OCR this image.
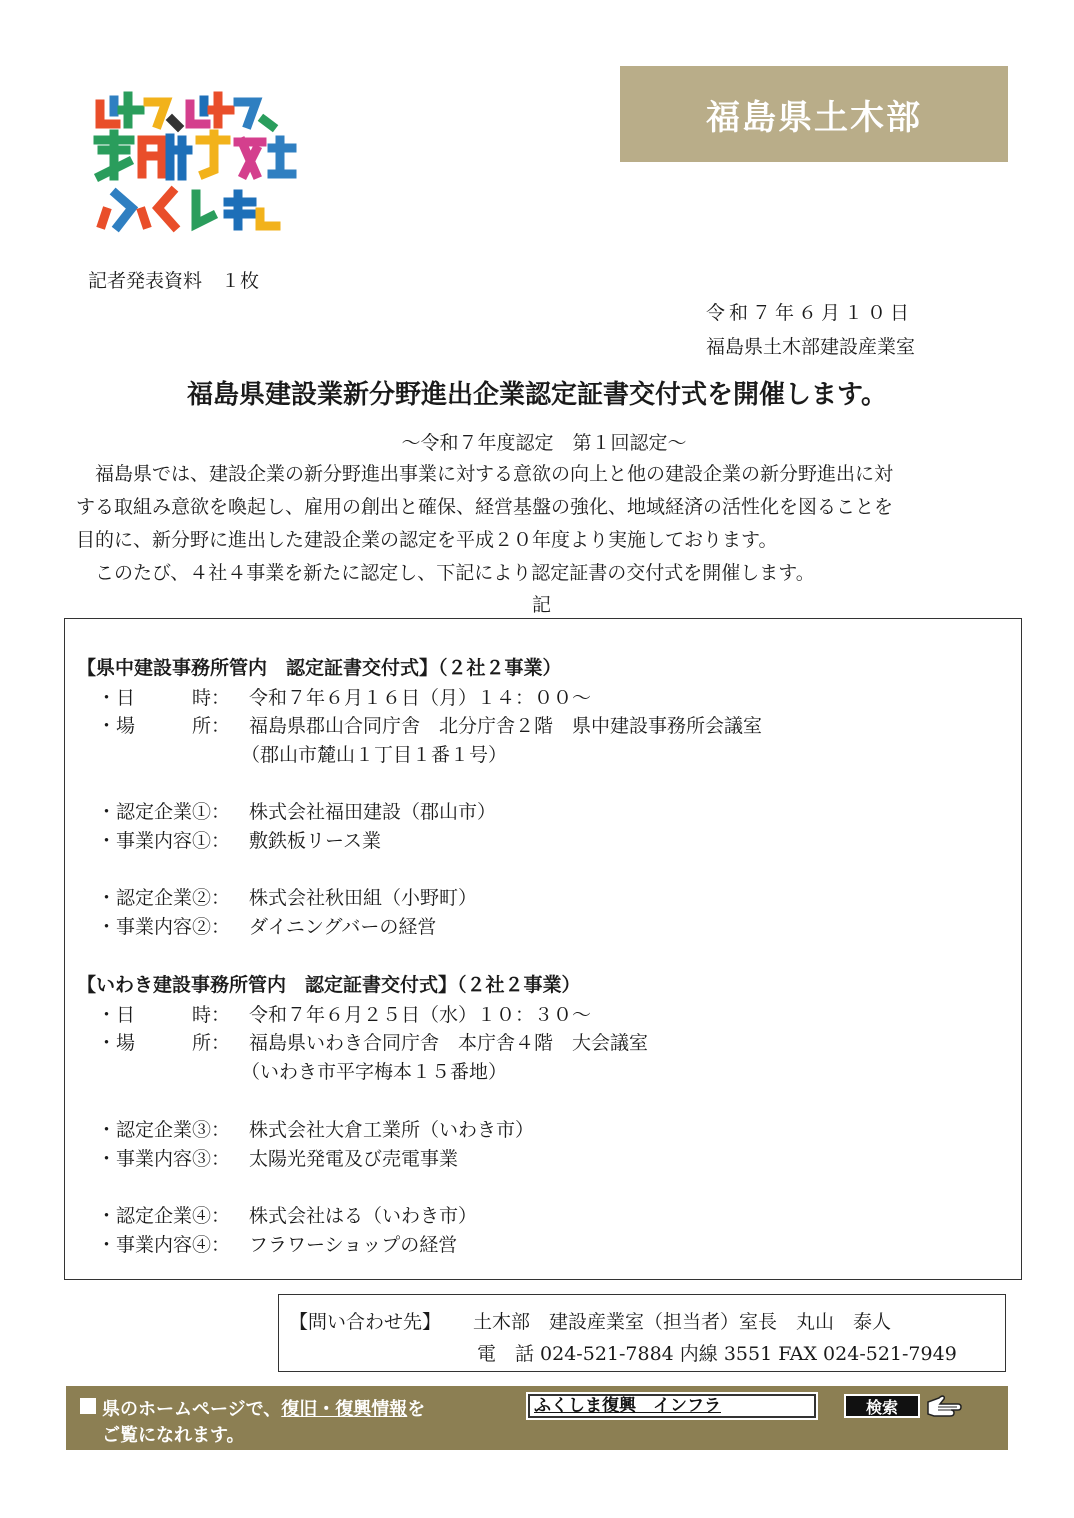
福島県土木部
記者発表資料　１枚
令和７年６月１０日
福島県土木部建設産業室
福島県建設業新分野進出企業認定証書交付式を開催します。
～令和７年度認定　第１回認定～
　福島県では、建設企業の新分野進出事業に対する意欲の向上と他の建設企業の新分野進出に対
する取組み意欲を喚起し、雇用の創出と確保、経営基盤の強化、地域経済の活性化を図ることを
目的に、新分野に進出した建設企業の認定を平成２０年度より実施しております。
　このたび、４社４事業を新たに認定し、下記により認定証書の交付式を開催します。
記
【県中建設事務所管内　認定証書交付式】（２社２事業）
・日　　　時： 令和７年６月１６日（月）１４：００～
・場　　　所： 福島県郡山合同庁舎　北分庁舎２階　県中建設事務所会議室
（郡山市麓山１丁目１番１号）
・認定企業①： 株式会社福田建設（郡山市）
・事業内容①： 敷鉄板リース業
・認定企業②： 株式会社秋田組（小野町）
・事業内容②： ダイニングバーの経営
【いわき建設事務所管内　認定証書交付式】（２社２事業）
・日　　　時： 令和７年６月２５日（水）１０：３０～
・場　　　所： 福島県いわき合同庁舎　本庁舎４階　大会議室
（いわき市平字梅本１５番地）
・認定企業③： 株式会社大倉工業所（いわき市）
・事業内容③： 太陽光発電及び売電事業
・認定企業④： 株式会社はる（いわき市）
・事業内容④： フラワーショップの経営
【問い合わせ先】 土木部　建設産業室（担当者）室長　丸山　泰人
電　話 024-521-7884 内線 3551 FAX 024-521-7949
県のホームページで、復旧・復興情報を
ご覧になれます。
ふくしま復興　インフラ	検索
